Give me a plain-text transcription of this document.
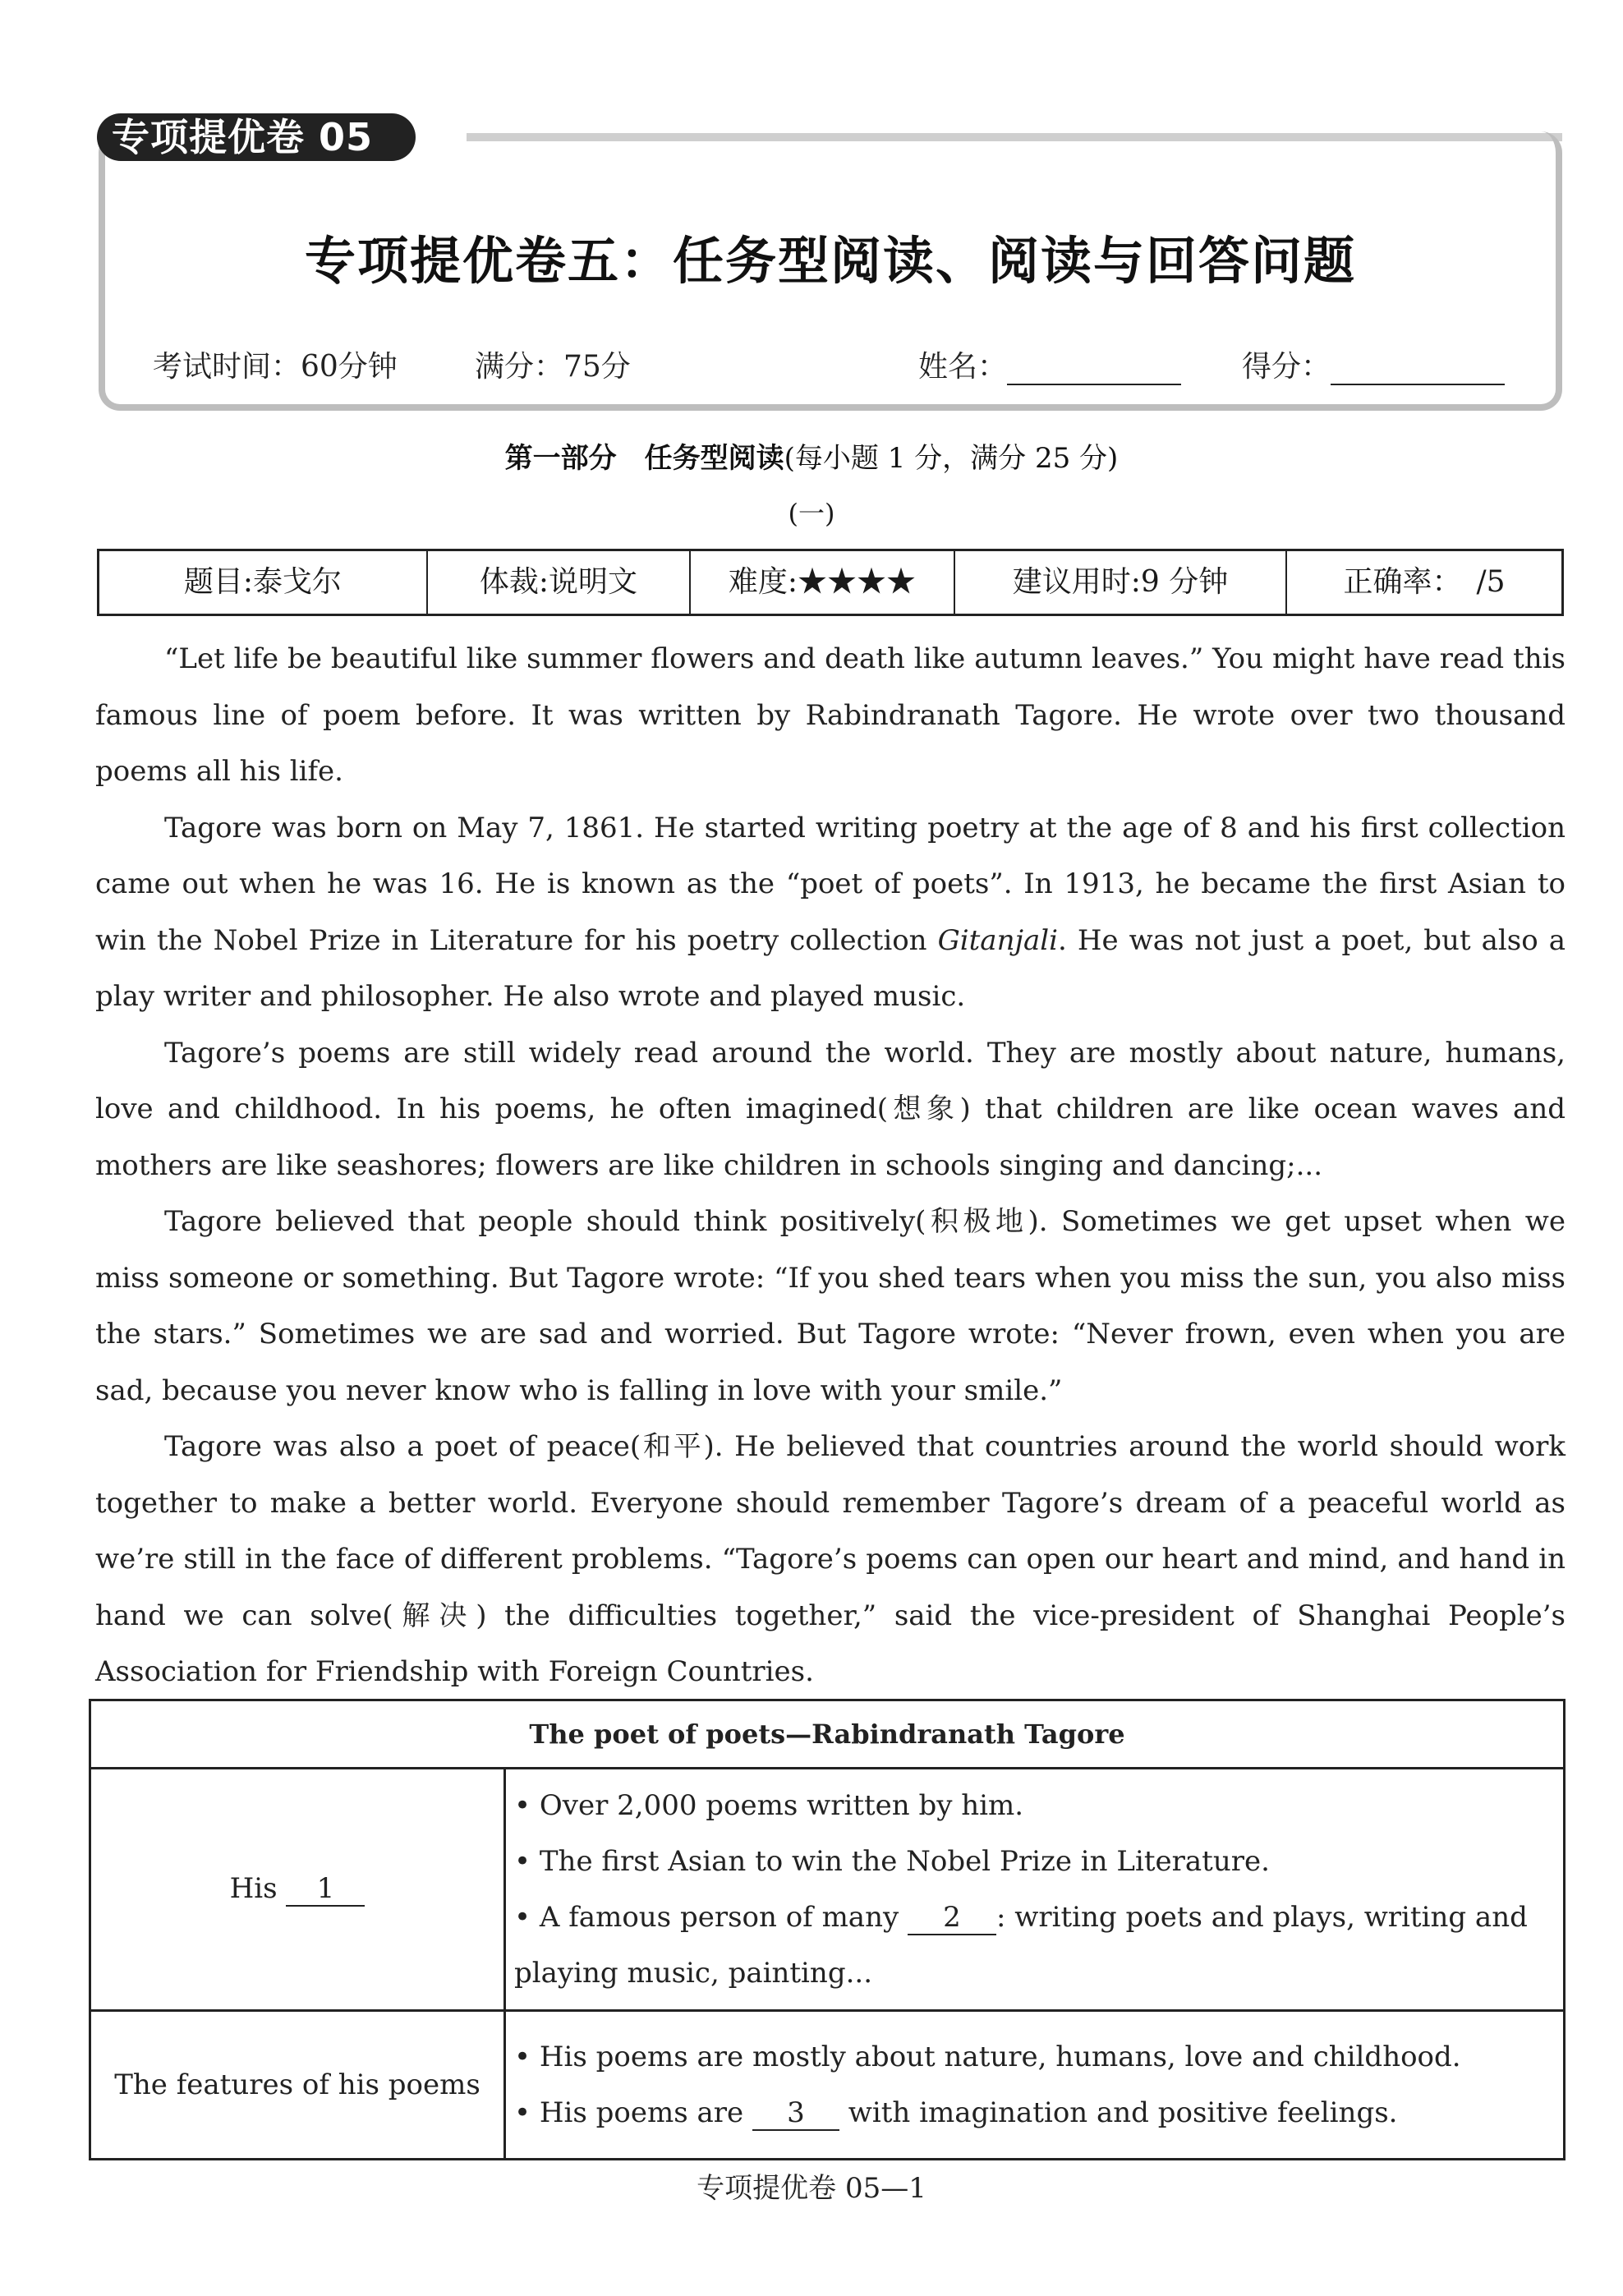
专项提优卷 05
专项提优卷五：任务型阅读、阅读与回答问题
考试时间：60分钟	满分：75分	姓名：	得分：
第一部分　任务型阅读(每小题 1 分，满分 25 分)
(一)
题目:泰戈尔	体裁:说明文	难度:★★★★	建议用时:9 分钟	正确率：　/5

“Let life be beautiful like summer flowers and death like autumn leaves.” You might have read this famous line of poem before. It was written by Rabindranath Tagore. He wrote over two thousand poems all his life.

Tagore was born on May 7, 1861. He started writing poetry at the age of 8 and his first collection came out when he was 16. He is known as the “poet of poets”. In 1913, he became the first Asian to win the Nobel Prize in Literature for his poetry collection Gitanjali. He was not just a poet, but also a play writer and philosopher. He also wrote and played music.

Tagore’s poems are still widely read around the world. They are mostly about nature, humans, love and childhood. In his poems, he often imagined(想象) that children are like ocean waves and mothers are like seashores; flowers are like children in schools singing and dancing;...

Tagore believed that people should think positively(积极地). Sometimes we get upset when we miss someone or something. But Tagore wrote: “If you shed tears when you miss the sun, you also miss the stars.” Sometimes we are sad and worried. But Tagore wrote: “Never frown, even when you are sad, because you never know who is falling in love with your smile.”

Tagore was also a poet of peace(和平). He believed that countries around the world should work together to make a better world. Everyone should remember Tagore’s dream of a peaceful world as we’re still in the face of different problems. “Tagore’s poems can open our heart and mind, and hand in hand we can solve(解决) the difficulties together,” said the vice-president of Shanghai People’s Association for Friendship with Foreign Countries.

The poet of poets—Rabindranath Tagore	
His 1	• Over 2,000 poems written by him.
• The first Asian to win the Nobel Prize in Literature.
• A famous person of many 2 : writing poets and plays, writing and playing music, painting...

The features of his poems	• His poems are mostly about nature, humans, love and childhood.
• His poems are 3 with imagination and positive feelings.
专项提优卷 05—1
